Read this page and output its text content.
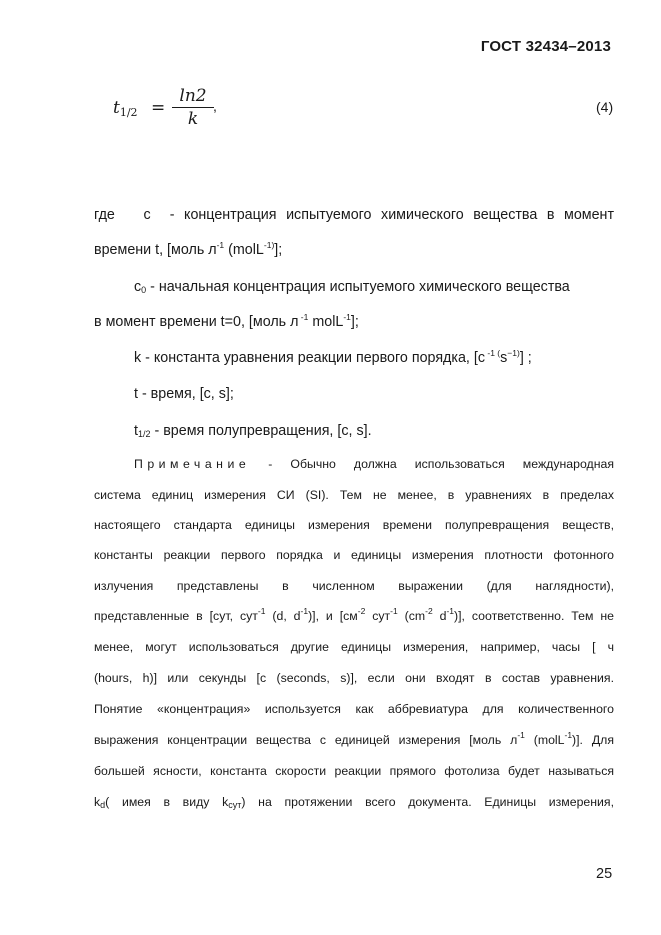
ГОСТ 32434–2013
$t_{1/2}$ =
ln2
k
,	(4)
где c - концентрация испытуемого химического вещества в момент
времени t, [моль $л^{-1}$ (molL$^{-1)}$];
$c_0$ - начальная концентрация испытуемого химического вещества
в момент времени t=0, [моль л $^{-1}$ molL$^{-1}$];
k - константа уравнения реакции первого порядка, [с $^{-1 (}s^{-1)}$] ;
t - время, [с, s];
$t_{1/2}$ - время полупревращения, [с, s].
Примечание - Обычно должна использоваться международная
система единиц измерения СИ (SI). Тем не менее, в уравнениях в пределах
настоящего стандарта единицы измерения времени полупревращения веществ,
константы реакции первого порядка и единицы измерения плотности фотонного
излучения представлены в численном выражении (для наглядности),
представленные в [сут, сут$^{-1}$ (d, $d^{-1}$)], и [$см^{-2}$ сут$^{-1}$ ($cm^{-2}$ $d^{-1}$)], соответственно. Тем не
менее, могут использоваться другие единицы измерения, например, часы [ ч
(hours, h)] или секунды [с (seconds, s)], если они входят в состав уравнения.
Понятие «концентрация» используется как аббревиатура для количественного
выражения концентрации вещества с единицей измерения [моль $л^{-1}$ (molL$^{-1}$)]. Для
большей ясности, константа скорости реакции прямого фотолиза будет называться
$k_d$( имея в виду $k_{сут}$) на протяжении всего документа. Единицы измерения,
25
